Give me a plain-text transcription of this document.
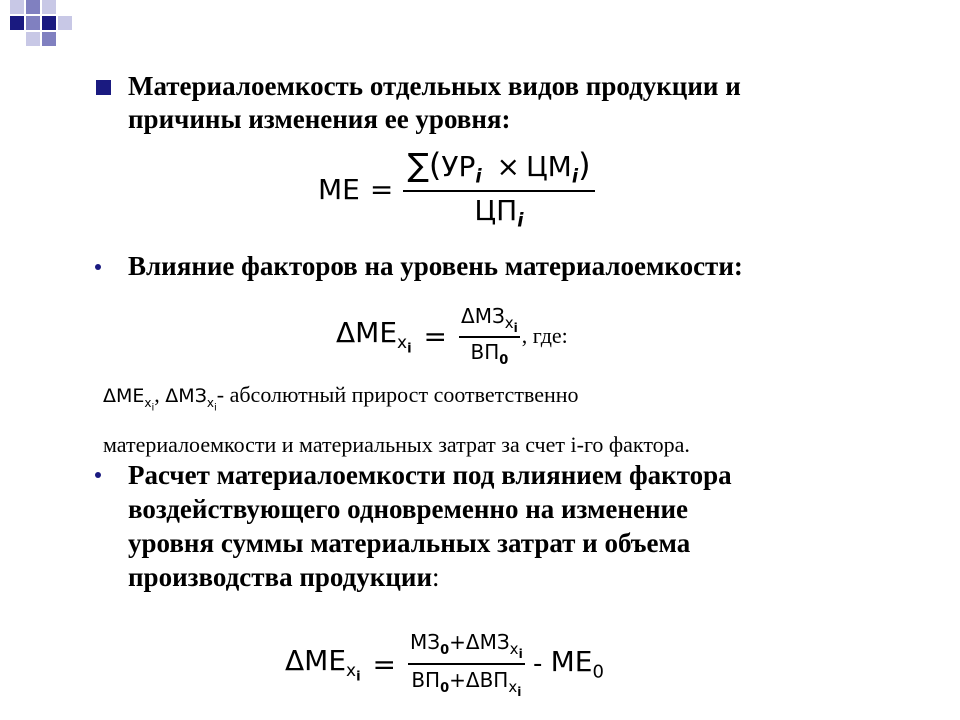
Материалоемкость отдельных видов продукции и
причины изменения ее уровня:
МЕ = $\frac{\sum(УР_i \times ЦМ_i)}{ЦП_i}$
Влияние факторов на уровень материалоемкости:
$\Delta МЕ_{x_i} = \frac{\Delta МЗ_{x_i}}{ВП_0}$ , где:
$\Delta МЕ_{x_i}$, $\Delta МЗ_{x_i}-$ абсолютный прирост соответственно
материалоемкости и материальных затрат за счет i-го фактора.
Расчет материалоемкости под влиянием фактора
воздействующего одновременно на изменение
уровня суммы материальных затрат и объема
производства продукции:
$\Delta МЕ_{x_i} = \frac{МЗ_0+\Delta МЗ_{x_i}}{ВП_0+\Delta ВП_{x_i}} - МЕ_0$
